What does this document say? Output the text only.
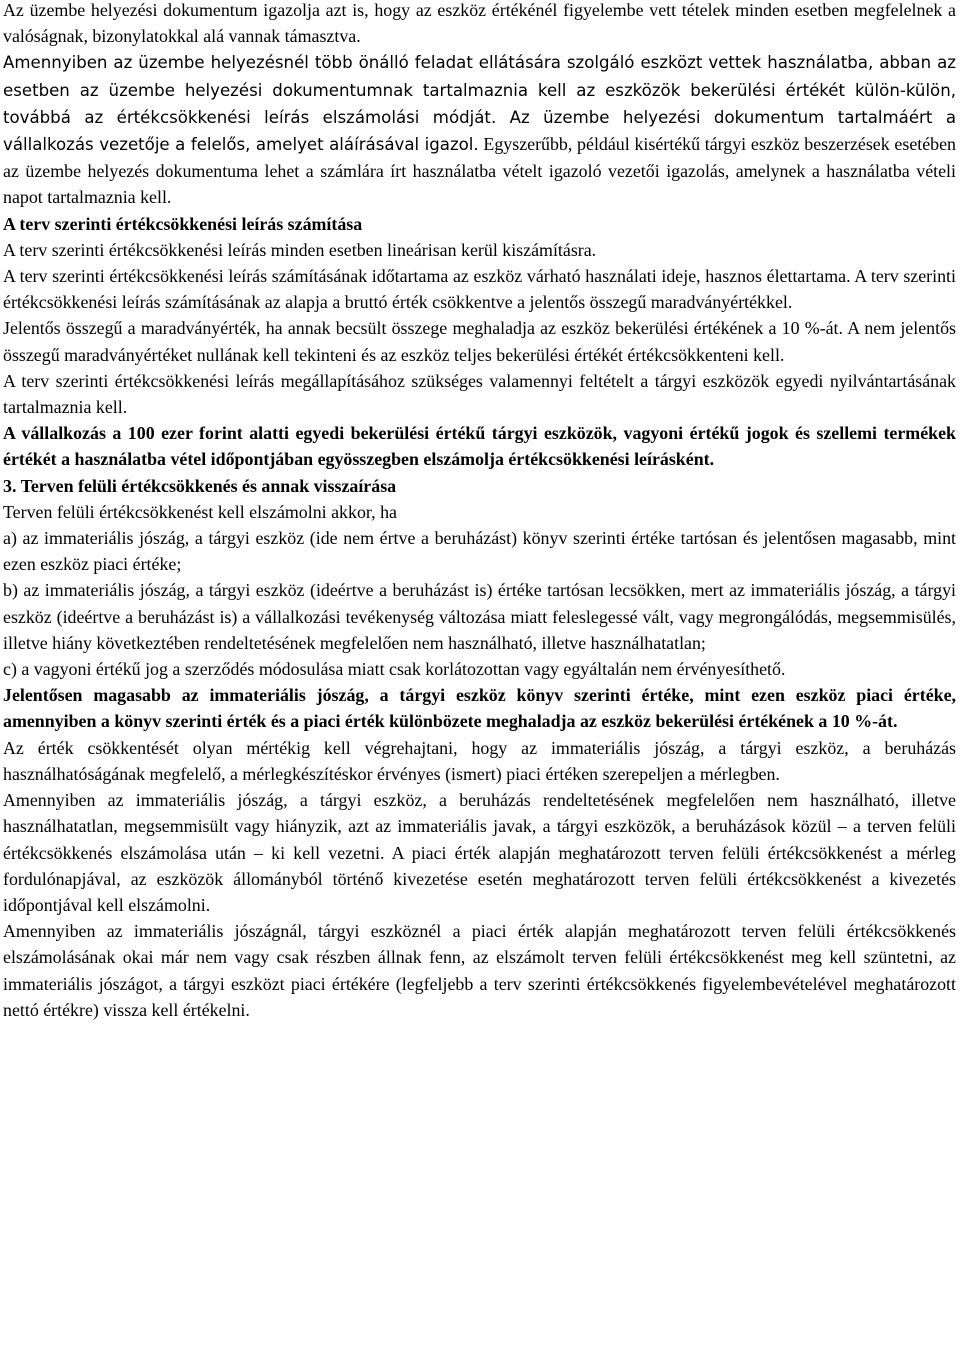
Az üzembe helyezési dokumentum igazolja azt is, hogy az eszköz értékénél figyelembe vett tételek minden esetben megfelelnek a valóságnak, bizonylatokkal alá vannak támasztva.

Amennyiben az üzembe helyezésnél több önálló feladat ellátására szolgáló eszközt vettek használatba, abban az esetben az üzembe helyezési dokumentumnak tartalmaznia kell az eszközök bekerülési értékét külön-külön, továbbá az értékcsökkenési leírás elszámolási módját. Az üzembe helyezési dokumentum tartalmáért a vállalkozás vezetője a felelős, amelyet aláírásával igazol. Egyszerűbb, például kisértékű tárgyi eszköz beszerzések esetében az üzembe helyezés dokumentuma lehet a számlára írt használatba vételt igazoló vezetői igazolás, amelynek a használatba vételi napot tartalmaznia kell.

A terv szerinti értékcsökkenési leírás számítása

A terv szerinti értékcsökkenési leírás minden esetben lineárisan kerül kiszámításra.

A terv szerinti értékcsökkenési leírás számításának időtartama az eszköz várható használati ideje, hasznos élettartama. A terv szerinti értékcsökkenési leírás számításának az alapja a bruttó érték csökkentve a jelentős összegű maradványértékkel.

Jelentős összegű a maradványérték, ha annak becsült összege meghaladja az eszköz bekerülési értékének a 10 %-át. A nem jelentős összegű maradványértéket nullának kell tekinteni és az eszköz teljes bekerülési értékét értékcsökkenteni kell.

A terv szerinti értékcsökkenési leírás megállapításához szükséges valamennyi feltételt a tárgyi eszközök egyedi nyilvántartásának tartalmaznia kell.

A vállalkozás a 100 ezer forint alatti egyedi bekerülési értékű tárgyi eszközök, vagyoni értékű jogok és szellemi termékek értékét a használatba vétel időpontjában egyösszegben elszámolja értékcsökkenési leírásként.

3. Terven felüli értékcsökkenés és annak visszaírása

Terven felüli értékcsökkenést kell elszámolni akkor, ha

a) az immateriális jószág, a tárgyi eszköz (ide nem értve a beruházást) könyv szerinti értéke tartósan és jelentősen magasabb, mint ezen eszköz piaci értéke;

b) az immateriális jószág, a tárgyi eszköz (ideértve a beruházást is) értéke tartósan lecsökken, mert az immateriális jószág, a tárgyi eszköz (ideértve a beruházást is) a vállalkozási tevékenység változása miatt feleslegessé vált, vagy megrongálódás, megsemmisülés, illetve hiány következtében rendeltetésének megfelelően nem használható, illetve használhatatlan;

c) a vagyoni értékű jog a szerződés módosulása miatt csak korlátozottan vagy egyáltalán nem érvényesíthető.

Jelentősen magasabb az immateriális jószág, a tárgyi eszköz könyv szerinti értéke, mint ezen eszköz piaci értéke, amennyiben a könyv szerinti érték és a piaci érték különbözete meghaladja az eszköz bekerülési értékének a 10 %-át.

Az érték csökkentését olyan mértékig kell végrehajtani, hogy az immateriális jószág, a tárgyi eszköz, a beruházás használhatóságának megfelelő, a mérlegkészítéskor érvényes (ismert) piaci értéken szerepeljen a mérlegben.

Amennyiben az immateriális jószág, a tárgyi eszköz, a beruházás rendeltetésének megfelelően nem használható, illetve használhatatlan, megsemmisült vagy hiányzik, azt az immateriális javak, a tárgyi eszközök, a beruházások közül – a terven felüli értékcsökkenés elszámolása után – ki kell vezetni. A piaci érték alapján meghatározott terven felüli értékcsökkenést a mérleg fordulónapjával, az eszközök állományból történő kivezetése esetén meghatározott terven felüli értékcsökkenést a kivezetés időpontjával kell elszámolni.

Amennyiben az immateriális jószágnál, tárgyi eszköznél a piaci érték alapján meghatározott terven felüli értékcsökkenés elszámolásának okai már nem vagy csak részben állnak fenn, az elszámolt terven felüli értékcsökkenést meg kell szüntetni, az immateriális jószágot, a tárgyi eszközt piaci értékére (legfeljebb a terv szerinti értékcsökkenés figyelembevételével meghatározott nettó értékre) vissza kell értékelni.
